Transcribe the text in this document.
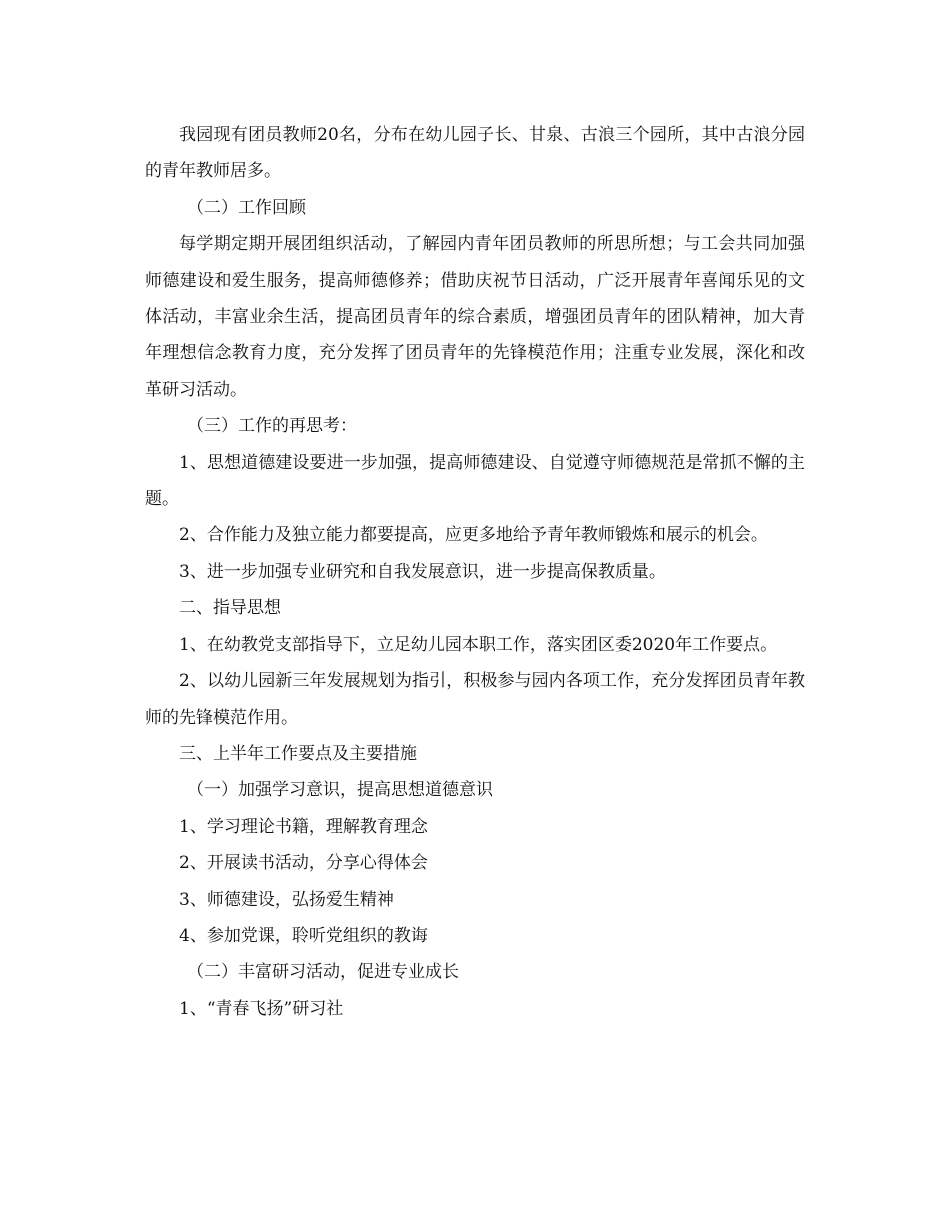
我园现有团员教师20名，分布在幼儿园子长、甘泉、古浪三个园所，其中古浪分园的青年教师居多。

（二）工作回顾

每学期定期开展团组织活动，了解园内青年团员教师的所思所想；与工会共同加强师德建设和爱生服务，提高师德修养；借助庆祝节日活动，广泛开展青年喜闻乐见的文体活动，丰富业余生活，提高团员青年的综合素质，增强团员青年的团队精神，加大青年理想信念教育力度，充分发挥了团员青年的先锋模范作用；注重专业发展，深化和改革研习活动。

（三）工作的再思考：

1、思想道德建设要进一步加强，提高师德建设、自觉遵守师德规范是常抓不懈的主题。

2、合作能力及独立能力都要提高，应更多地给予青年教师锻炼和展示的机会。

3、进一步加强专业研究和自我发展意识，进一步提高保教质量。

二、指导思想

1、在幼教党支部指导下，立足幼儿园本职工作，落实团区委2020年工作要点。

2、以幼儿园新三年发展规划为指引，积极参与园内各项工作，充分发挥团员青年教师的先锋模范作用。

三、上半年工作要点及主要措施

（一）加强学习意识，提高思想道德意识

1、学习理论书籍，理解教育理念

2、开展读书活动，分享心得体会

3、师德建设，弘扬爱生精神

4、参加党课，聆听党组织的教诲

（二）丰富研习活动，促进专业成长

1、“青春飞扬”研习社
